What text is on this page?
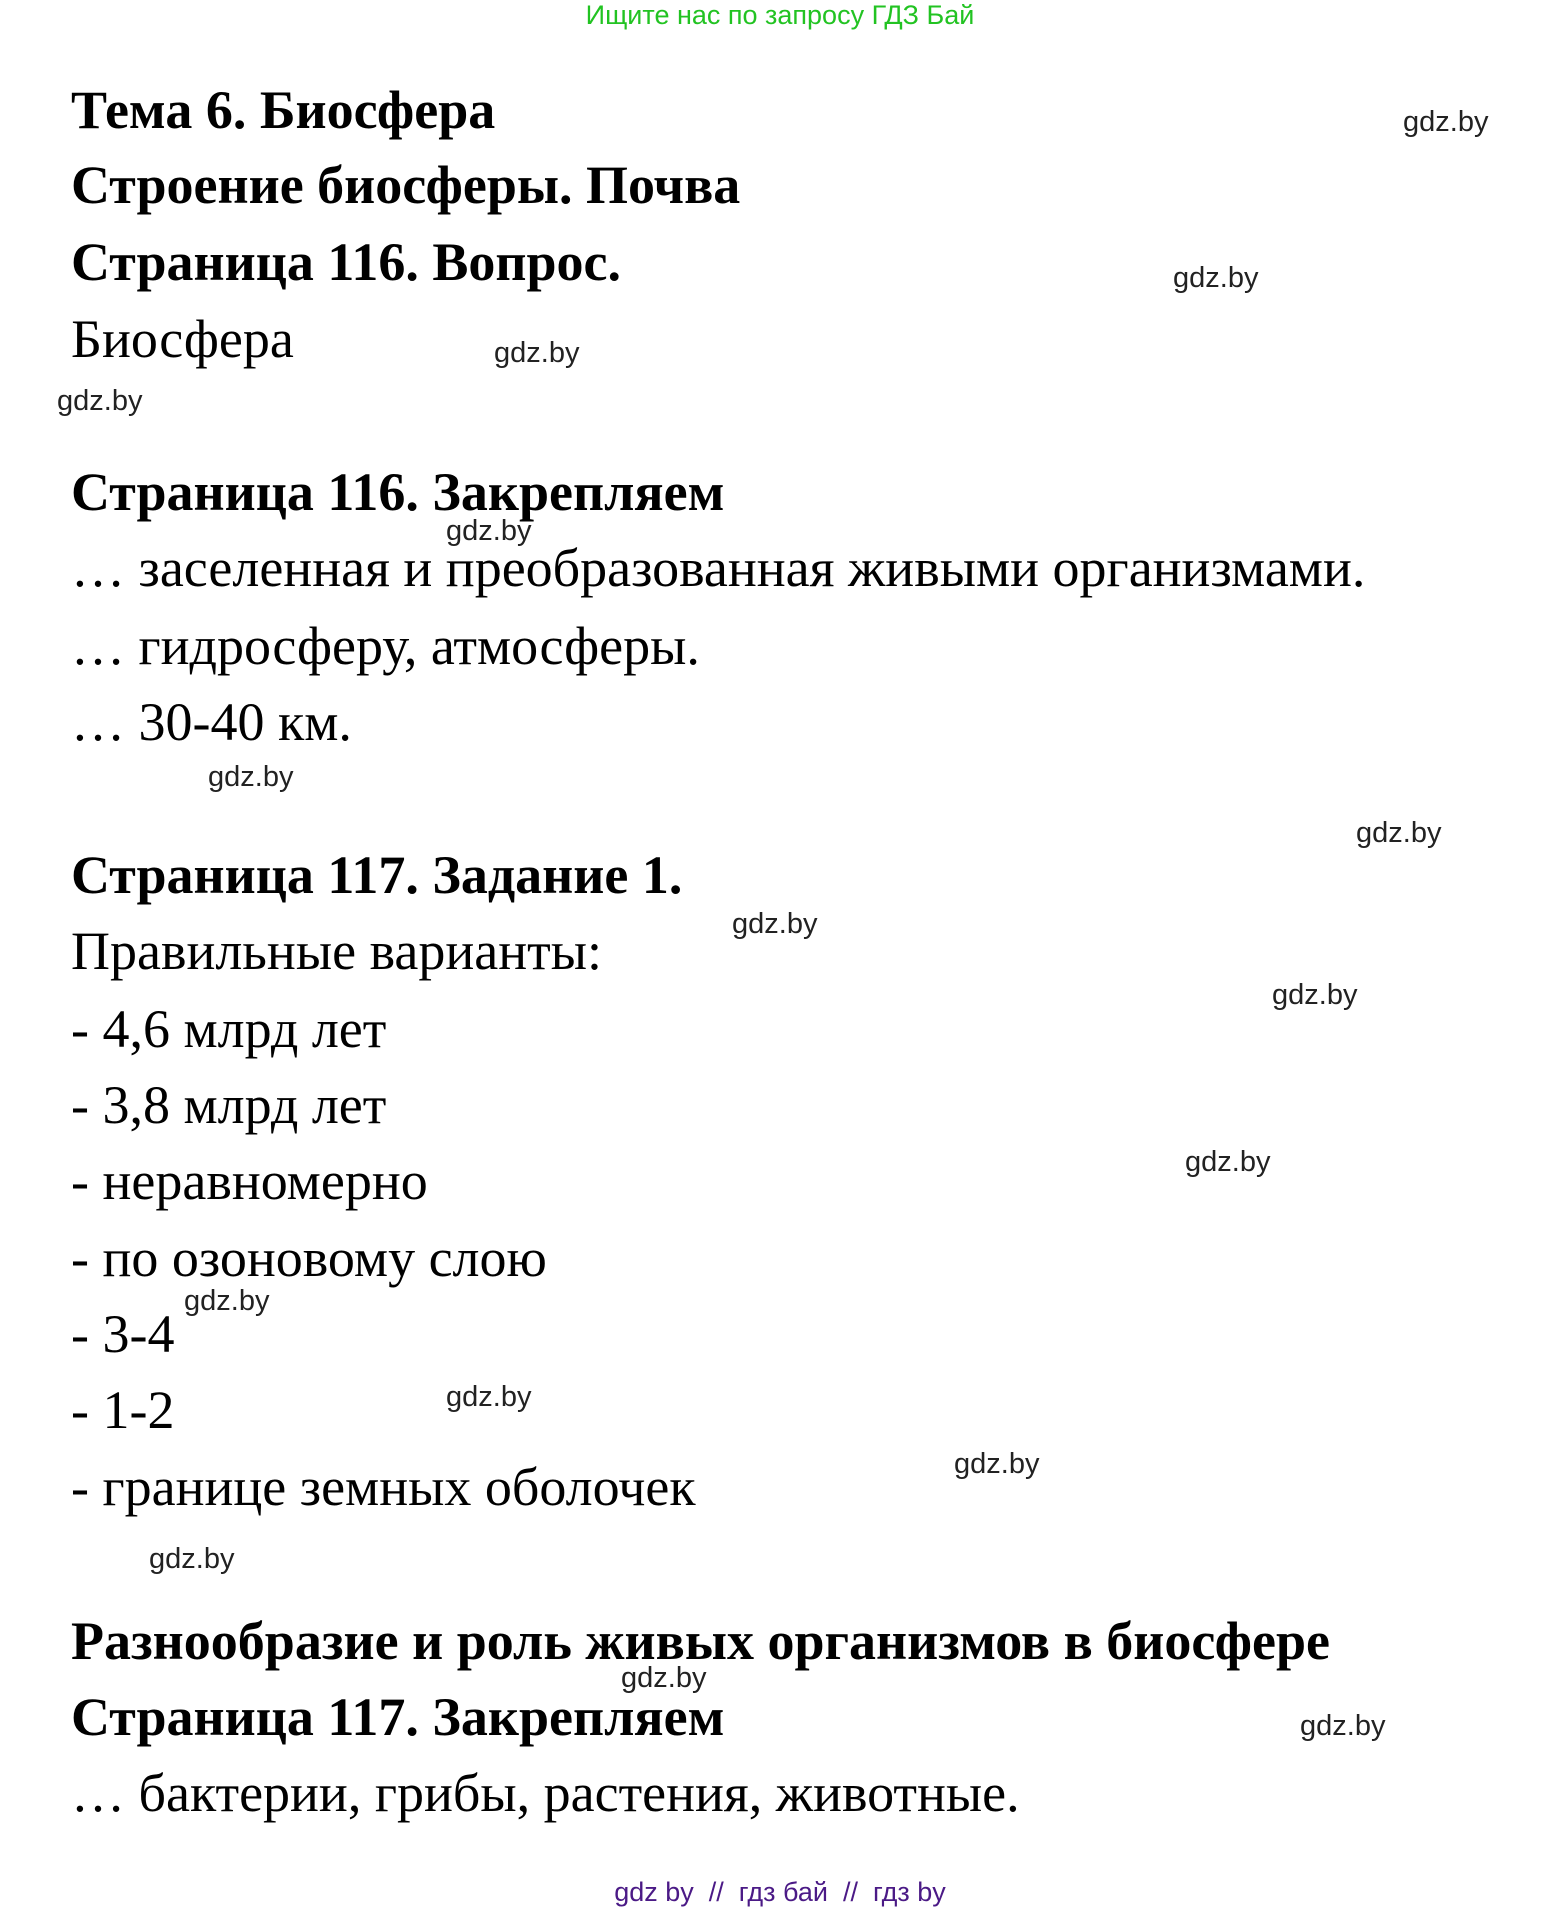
Ищите нас по запросу ГДЗ Бай
Тема 6. Биосфера
Строение биосферы. Почва
Страница 116. Вопрос.
Биосфера
Страница 116. Закрепляем
… заселенная и преобразованная живыми организмами.
… гидросферу, атмосферы.
… 30-40 км.
Страница 117. Задание 1.
Правильные варианты:
- 4,6 млрд лет
- 3,8 млрд лет
- неравномерно
- по озоновому слою
- 3-4
- 1-2
- границе земных оболочек
Разнообразие и роль живых организмов в биосфере
Страница 117. Закрепляем
… бактерии, грибы, растения, животные.
gdz.by
gdz.by
gdz.by
gdz.by
gdz.by
gdz.by
gdz.by
gdz.by
gdz.by
gdz.by
gdz.by
gdz.by
gdz.by
gdz.by
gdz.by
gdz.by
gdz by  //  гдз бай  //  гдз by
